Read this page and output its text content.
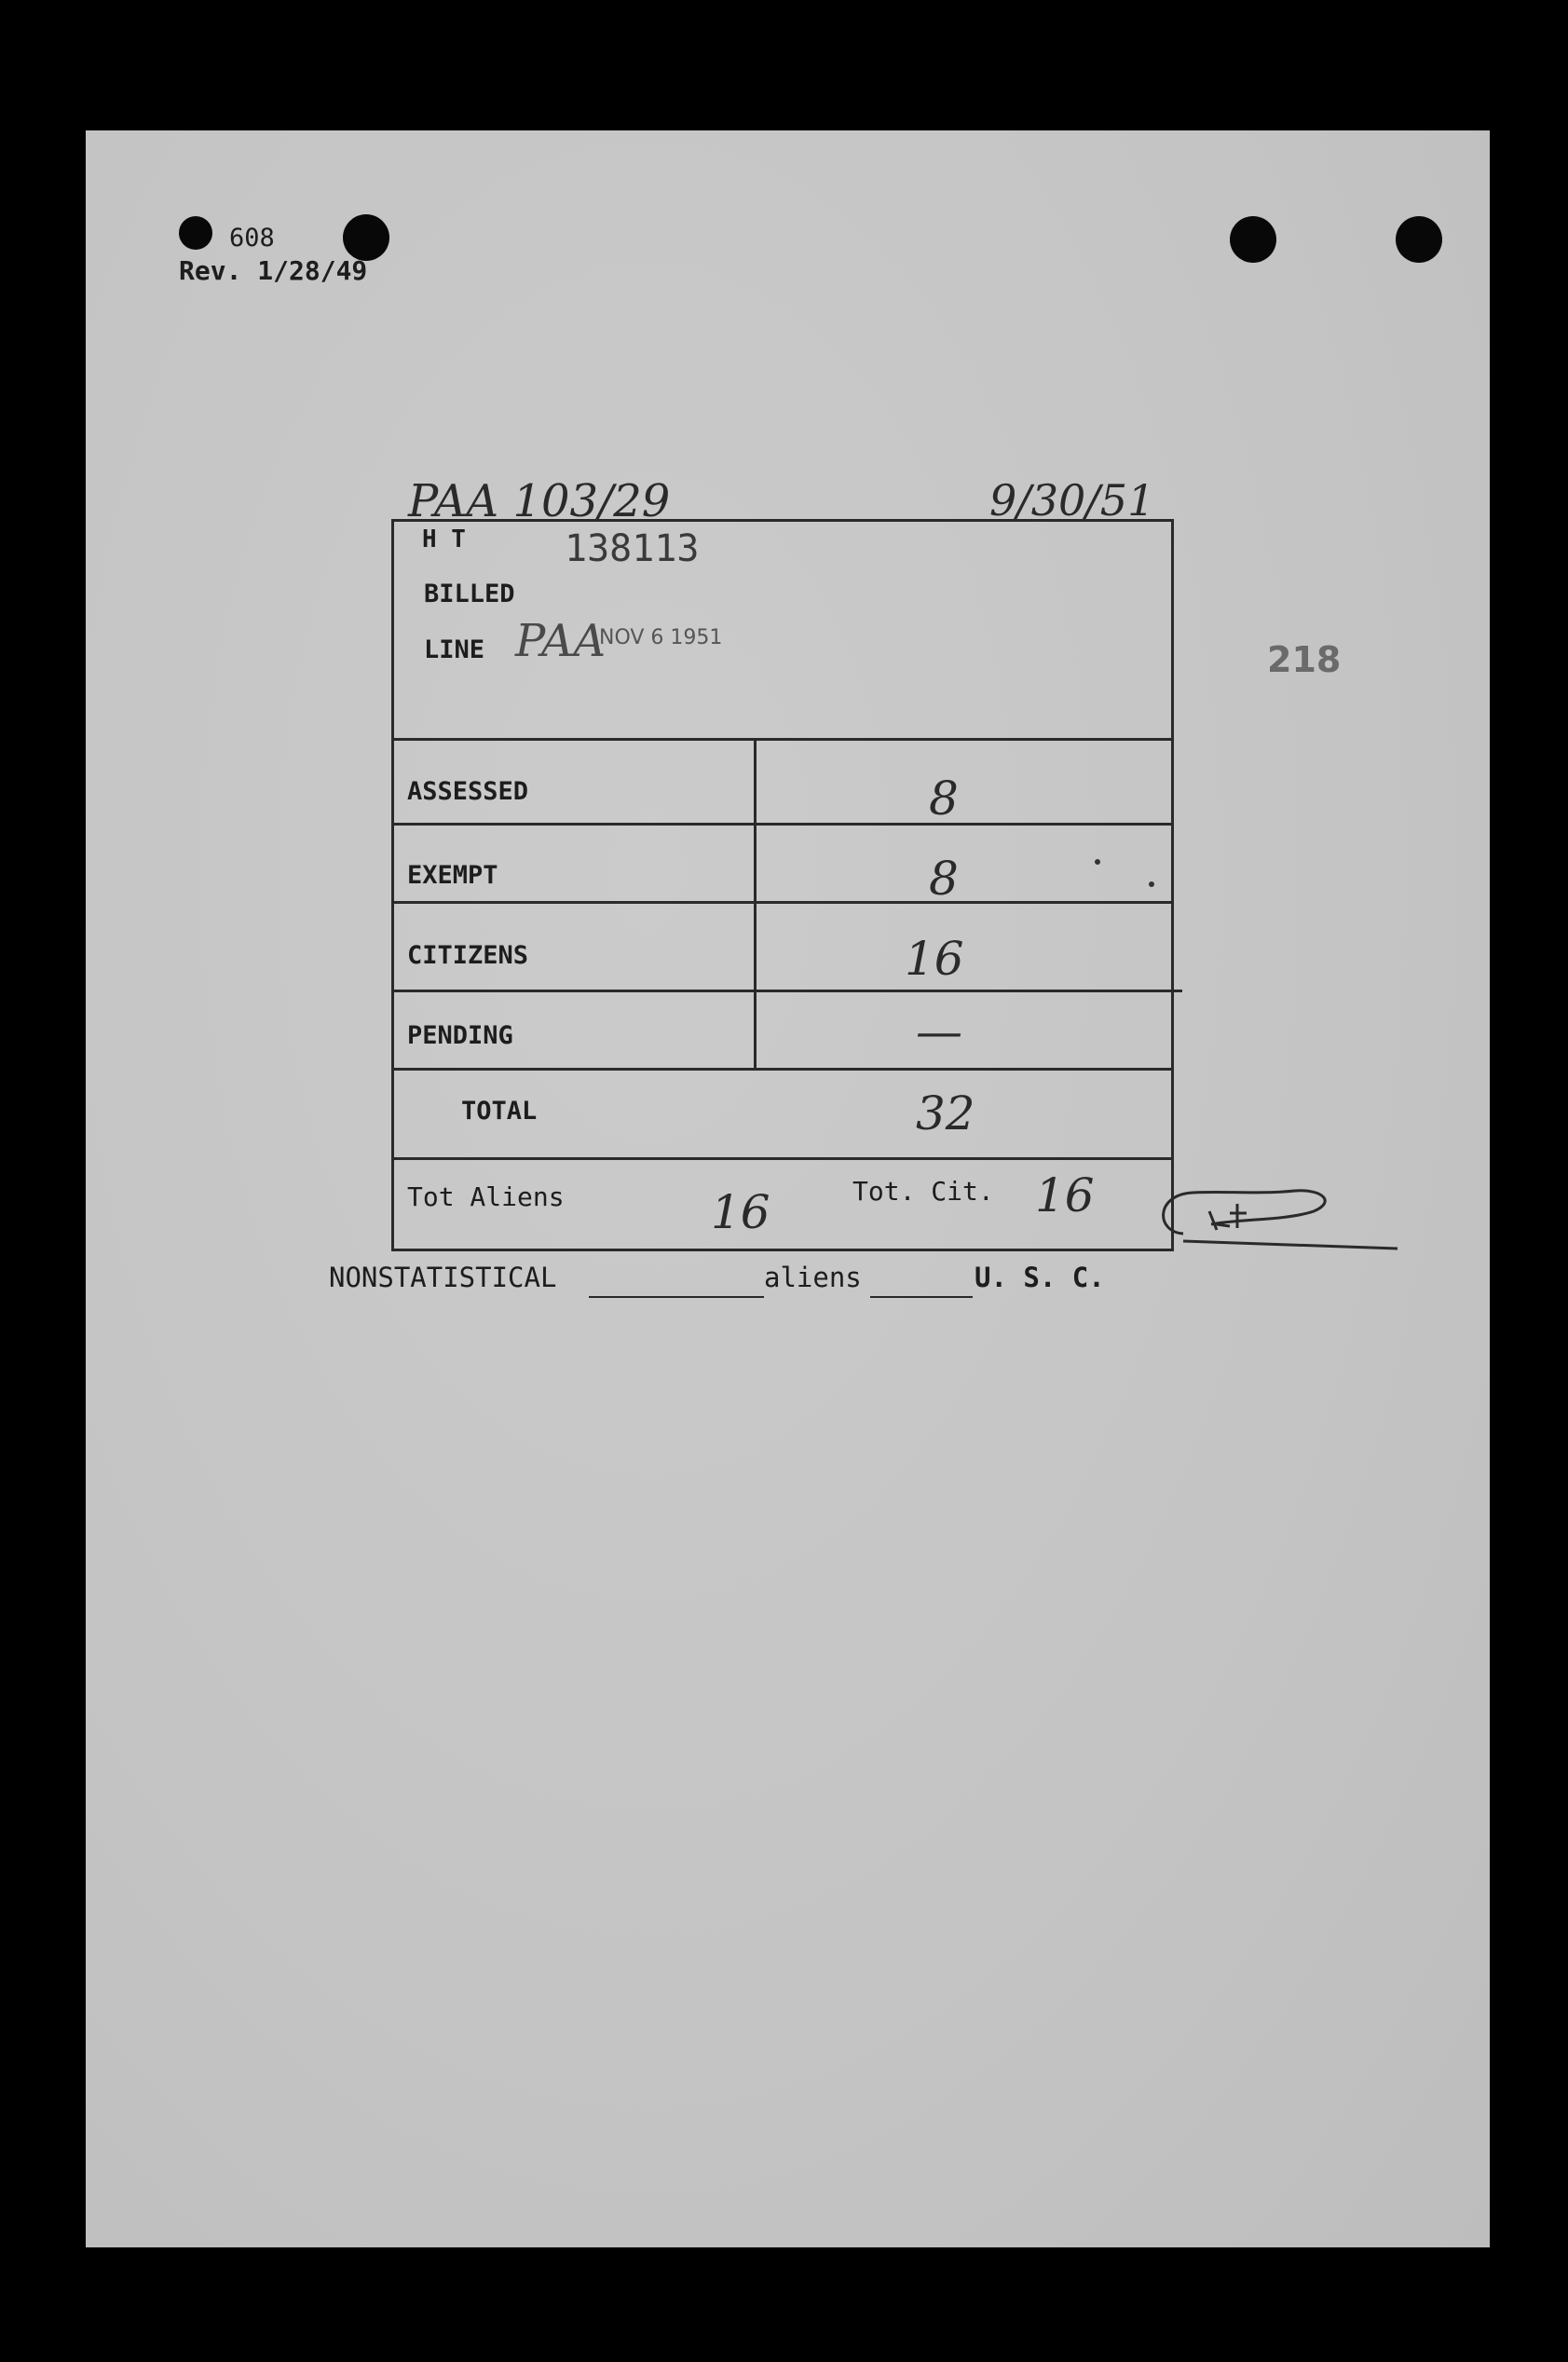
608
Rev. 1/28/49
PAA 103/29	9/30/51
218
H T	138113
BILLED
LINE PAA
NOV 6 1951
ASSESSED	8
EXEMPT	8
CITIZENS	16
PENDING	—
TOTAL	32
Tot Aliens	16	Tot. Cit. 16
NONSTATISTICAL	aliens	U. S. C.
